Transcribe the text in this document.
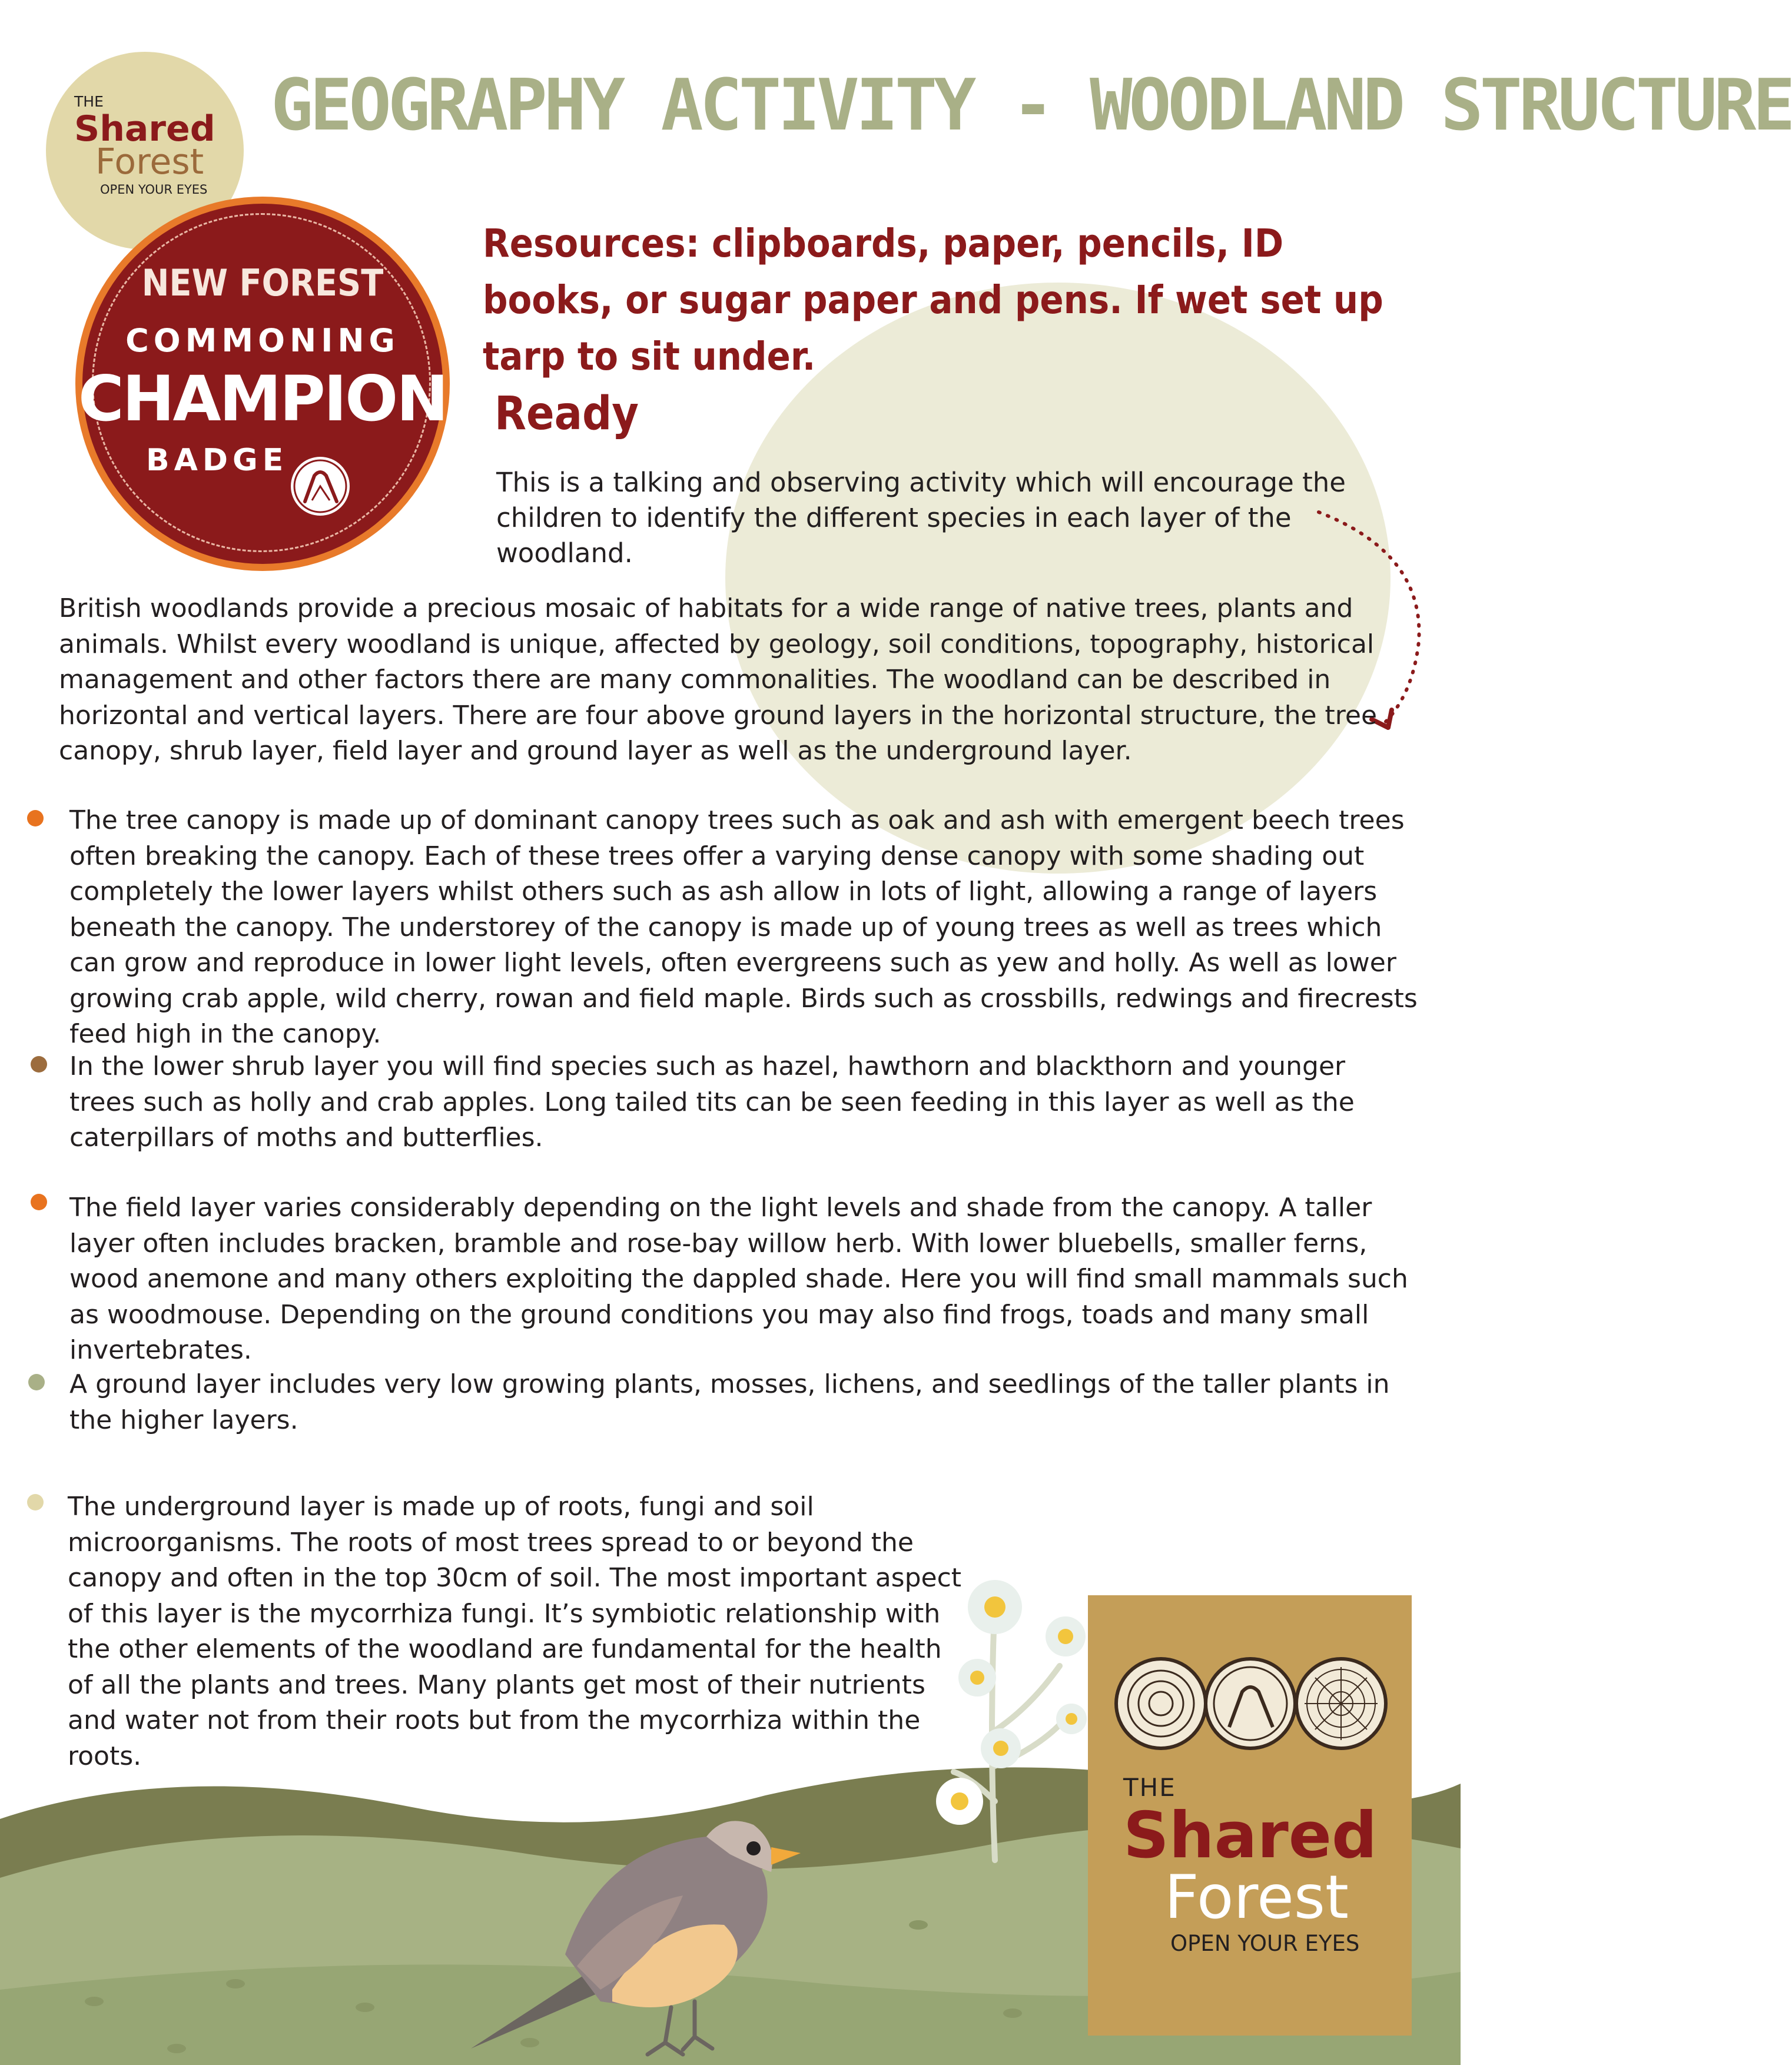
THE
Shared
Forest
OPEN YOUR EYES
GEOGRAPHY ACTIVITY - WOODLAND STRUCTURE
NEW FOREST
COMMONING
CHAMPION
BADGE
Resources: clipboards, paper, pencils, ID books, or sugar paper and pens. If wet set up tarp to sit under.
Ready
This is a talking and observing activity which will encourage the children to identify the different species in each layer of the woodland.
British woodlands provide a precious mosaic of habitats for a wide range of native trees, plants and animals. Whilst every woodland is unique, affected by geology, soil conditions, topography, historical management and other factors there are many commonalities. The woodland can be described in horizontal and vertical layers. There are four above ground layers in the horizontal structure, the tree canopy, shrub layer, field layer and ground layer as well as the underground layer.
The tree canopy is made up of dominant canopy trees such as oak and ash with emergent beech trees often breaking the canopy. Each of these trees offer a varying dense canopy with some shading out completely the lower layers whilst others such as ash allow in lots of light, allowing a range of layers beneath the canopy. The understorey of the canopy is made up of young trees as well as trees which can grow and reproduce in lower light levels, often evergreens such as yew and holly. As well as lower growing crab apple, wild cherry, rowan and field maple. Birds such as crossbills, redwings and firecrests feed high in the canopy.
In the lower shrub layer you will find species such as hazel, hawthorn and blackthorn and younger trees such as holly and crab apples. Long tailed tits can be seen feeding in this layer as well as the caterpillars of moths and butterflies.
The field layer varies considerably depending on the light levels and shade from the canopy. A taller layer often includes bracken, bramble and rose-bay willow herb. With lower bluebells, smaller ferns, wood anemone and many others exploiting the dappled shade. Here you will find small mammals such as woodmouse. Depending on the ground conditions you may also find frogs, toads and many small invertebrates.
A ground layer includes very low growing plants, mosses, lichens, and seedlings of the taller plants in the higher layers.
The underground layer is made up of roots, fungi and soil microorganisms. The roots of most trees spread to or beyond the canopy and often in the top 30cm of soil. The most important aspect of this layer is the mycorrhiza fungi. It’s symbiotic relationship with the other elements of the woodland are fundamental for the health of all the plants and trees. Many plants get most of their nutrients and water not from their roots but from the mycorrhiza within the roots.
THE
Shared
Forest
OPEN YOUR EYES
